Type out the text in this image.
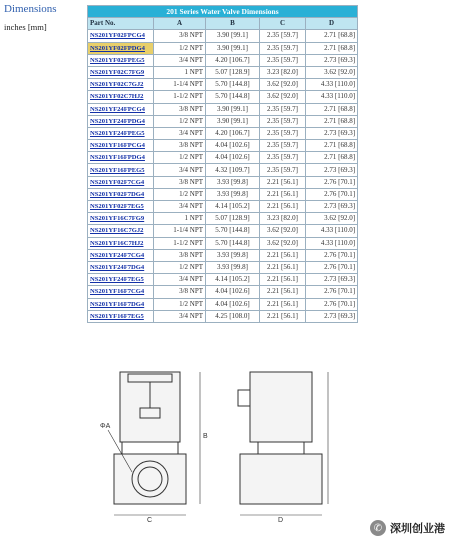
Dimensions
inches [mm]
201 Series Water Valve Dimensions				
Part No.	A	B	C	D
NS201YF02FPCG4	3/8 NPT	3.90 [99.1]	2.35 [59.7]	2.71 [68.8]
NS201YF02FPDG4	1/2 NPT	3.90 [99.1]	2.35 [59.7]	2.71 [68.8]
NS201YF02FPEG5	3/4 NPT	4.20 [106.7]	2.35 [59.7]	2.73 [69.3]
NS201YF02C7FG9	1 NPT	5.07 [128.9]	3.23 [82.0]	3.62 [92.0]
NS201YF02C7GJ2	1-1/4 NPT	5.70 [144.8]	3.62 [92.0]	4.33 [110.0]
NS201YF02C7HJ2	1-1/2 NPT	5.70 [144.8]	3.62 [92.0]	4.33 [110.0]
NS201YF24FPCG4	3/8 NPT	3.90 [99.1]	2.35 [59.7]	2.71 [68.8]
NS201YF24FPDG4	1/2 NPT	3.90 [99.1]	2.35 [59.7]	2.71 [68.8]
NS201YF24FPEG5	3/4 NPT	4.20 [106.7]	2.35 [59.7]	2.73 [69.3]
NS201YF16FPCG4	3/8 NPT	4.04 [102.6]	2.35 [59.7]	2.71 [68.8]
NS201YF16FPDG4	1/2 NPT	4.04 [102.6]	2.35 [59.7]	2.71 [68.8]
NS201YF16FPEG5	3/4 NPT	4.32 [109.7]	2.35 [59.7]	2.73 [69.3]
NS201YF02F7CG4	3/8 NPT	3.93 [99.8]	2.21 [56.1]	2.76 [70.1]
NS201YF02F7DG4	1/2 NPT	3.93 [99.8]	2.21 [56.1]	2.76 [70.1]
NS201YF02F7EG5	3/4 NPT	4.14 [105.2]	2.21 [56.1]	2.73 [69.3]
NS201YF16C7FG9	1 NPT	5.07 [128.9]	3.23 [82.0]	3.62 [92.0]
NS201YF16C7GJ2	1-1/4 NPT	5.70 [144.8]	3.62 [92.0]	4.33 [110.0]
NS201YF16C7HJ2	1-1/2 NPT	5.70 [144.8]	3.62 [92.0]	4.33 [110.0]
NS201YF24F7CG4	3/8 NPT	3.93 [99.8]	2.21 [56.1]	2.76 [70.1]
NS201YF24F7DG4	1/2 NPT	3.93 [99.8]	2.21 [56.1]	2.76 [70.1]
NS201YF24F7EG5	3/4 NPT	4.14 [105.2]	2.21 [56.1]	2.73 [69.3]
NS201YF16F7CG4	3/8 NPT	4.04 [102.6]	2.21 [56.1]	2.76 [70.1]
NS201YF16F7DG4	1/2 NPT	4.04 [102.6]	2.21 [56.1]	2.76 [70.1]
NS201YF16F7EG5	3/4 NPT	4.25 [108.0]	2.21 [56.1]	2.73 [69.3]
ΦA
B
C	D
✆ 深圳创业港
